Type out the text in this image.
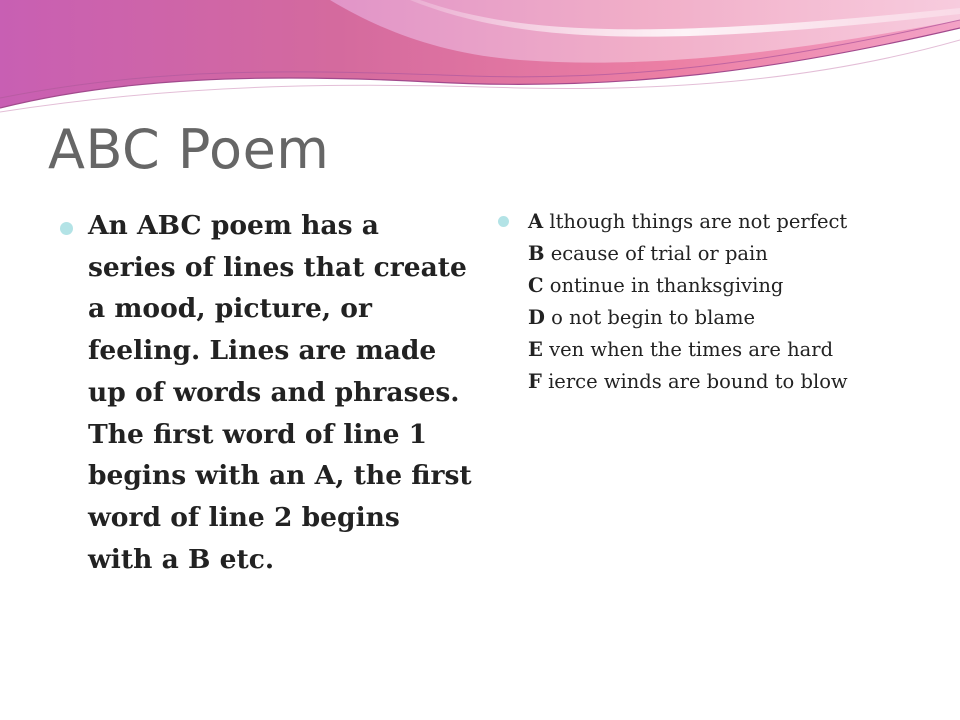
ABC Poem

An ABC poem has a series of lines that create a mood, picture, or feeling. Lines are made up of words and phrases. The first word of line 1 begins with an A, the first word of line 2 begins with a B etc.

A lthough things are not perfect
B ecause of trial or pain
C ontinue in thanksgiving
D o not begin to blame
E ven when the times are hard
F ierce winds are bound to blow
